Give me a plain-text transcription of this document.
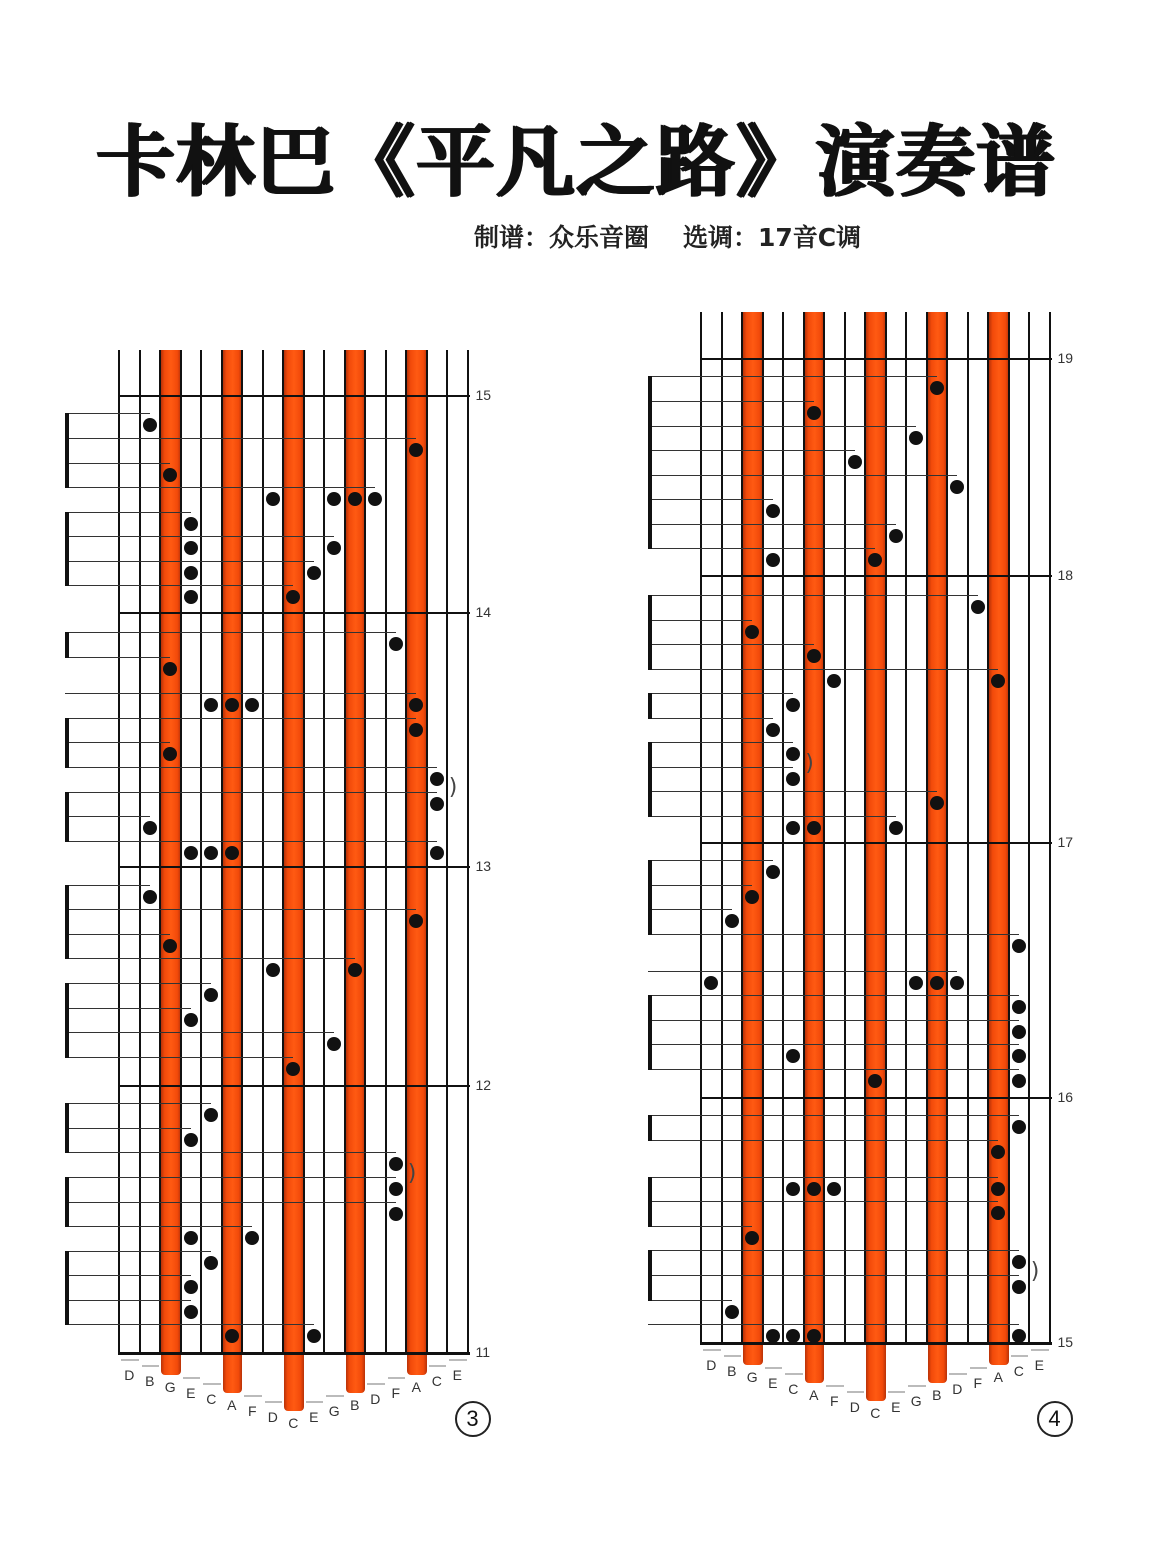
卡林巴《平凡之路》演奏谱
制谱：众乐音圈 选调：17音C调
D B G E C A F D C E G B D F A C E
15
14
13
12
11
)
)
3
D B G E C A F D C E G B D F A C E
19
18
17
16
15
)
)
4
